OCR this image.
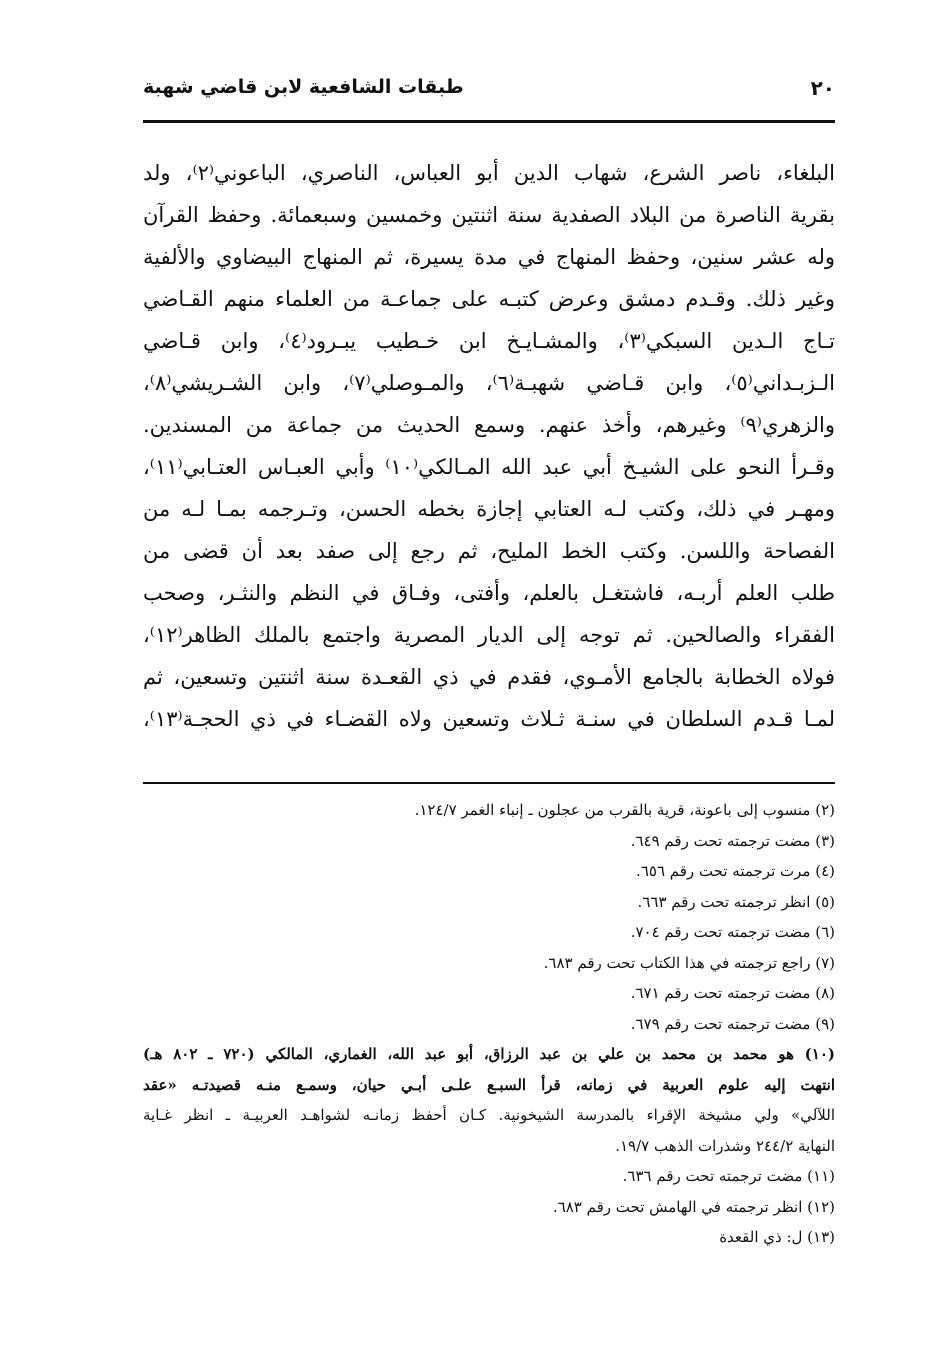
طبقات الشافعية لابن قاضي شهبة	٢٠
البلغاء، ناصر الشرع، شهاب الدين أبو العباس، الناصري، الباعوني⁽٢⁾، ولد
بقرية الناصرة من البلاد الصفدية سنة اثنتين وخمسين وسبعمائة. وحفظ القرآن
وله عشر سنين، وحفظ المنهاج في مدة يسيرة، ثم المنهاج البيضاوي والألفية
وغير ذلك. وقـدم دمشق وعرض كتبـه على جماعـة من العلماء منهم القـاضي
تـاج الـدين السبكي⁽٣⁾، والمشـايـخ ابن خـطيب يبـرود⁽٤⁾، وابن قـاضي
الـزبـداني⁽٥⁾، وابن قـاضي شهبـة⁽٦⁾، والمـوصلي⁽٧⁾، وابن الشـريشي⁽٨⁾،
والزهري⁽٩⁾ وغيرهم، وأخذ عنهم. وسمع الحديث من جماعة من المسندين.
وقـرأ النحو على الشيـخ أبي عبد الله المـالكي⁽١٠⁾ وأبي العبـاس العتـابي⁽١١⁾،
ومهـر في ذلك، وكتب لـه العتابي إجازة بخطه الحسن، وتـرجمه بمـا لـه من
الفصاحة واللسن. وكتب الخط المليح، ثم رجع إلى صفد بعد أن قضى من
طلب العلم أربـه، فاشتغـل بالعلم، وأفتى، وفـاق في النظم والنثـر، وصحب
الفقراء والصالحين. ثم توجه إلى الديار المصرية واجتمع بالملك الظاهر⁽١٢⁾،
فولاه الخطابة بالجامع الأمـوي، فقدم في ذي القعـدة سنة اثنتين وتسعين، ثم
لمـا قـدم السلطان في سنـة ثـلاث وتسعين ولاه القضـاء في ذي الحجـة⁽١٣⁾،
(٢) منسوب إلى باعونة، قرية بالقرب من عجلون ـ إنباء الغمر ١٢٤/٧.
(٣) مضت ترجمته تحت رقم ٦٤٩.
(٤) مرت ترجمته تحت رقم ٦٥٦.
(٥) انظر ترجمته تحت رقم ٦٦٣.
(٦) مضت ترجمته تحت رقم ٧٠٤.
(٧) راجع ترجمته في هذا الكتاب تحت رقم ٦٨٣.
(٨) مضت ترجمته تحت رقم ٦٧١.
(٩) مضت ترجمته تحت رقم ٦٧٩.
(١٠) هو محمد بن محمد بن علي بن عبد الرزاق، أبو عبد الله، الغماري، المالكي (٧٢٠ ـ ٨٠٢ هـ)
انتهت إليه علوم العربية في زمانه، قرأ السبـع علـى أبـي حيان، وسمـع منـه قصيدتـه «عقد
اللآلي» ولي مشيخة الإقراء بالمدرسة الشيخونية. كـان أحفظ زمانـه لشواهـد العربيـة ـ انظر غـاية
النهاية ٢٤٤/٢ وشذرات الذهب ١٩/٧.
(١١) مضت ترجمته تحت رقم ٦٣٦.
(١٢) انظر ترجمته في الهامش تحت رقم ٦٨٣.
(١٣) ل: ذي القعدة
